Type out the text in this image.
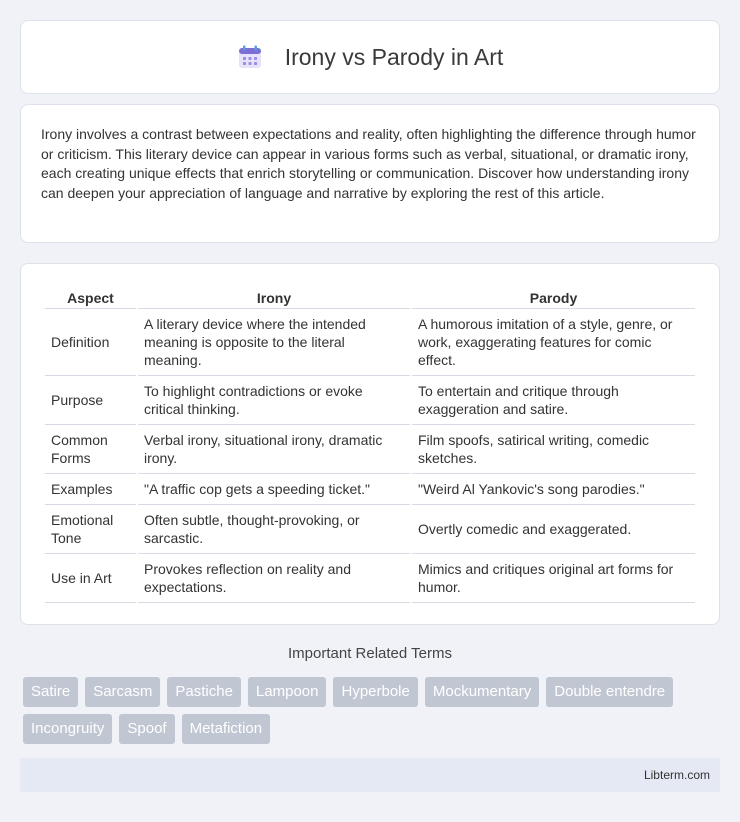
Irony vs Parody in Art

Irony involves a contrast between expectations and reality, often highlighting the difference through humor or criticism. This literary device can appear in various forms such as verbal, situational, or dramatic irony, each creating unique effects that enrich storytelling or communication. Discover how understanding irony can deepen your appreciation of language and narrative by exploring the rest of this article.

Aspect	Irony	Parody
Definition	A literary device where the intended meaning is opposite to the literal meaning.	A humorous imitation of a style, genre, or work, exaggerating features for comic effect.
Purpose	To highlight contradictions or evoke critical thinking.	To entertain and critique through exaggeration and satire.
Common Forms	Verbal irony, situational irony, dramatic irony.	Film spoofs, satirical writing, comedic sketches.
Examples	"A traffic cop gets a speeding ticket."	"Weird Al Yankovic's song parodies."
Emotional Tone	Often subtle, thought-provoking, or sarcastic.	Overtly comedic and exaggerated.
Use in Art	Provokes reflection on reality and expectations.	Mimics and critiques original art forms for humor.
Important Related Terms
Satire	Sarcasm	Pastiche	Lampoon	Hyperbole	Mockumentary	Double entendre
Incongruity	Spoof	Metafiction
Libterm.com
